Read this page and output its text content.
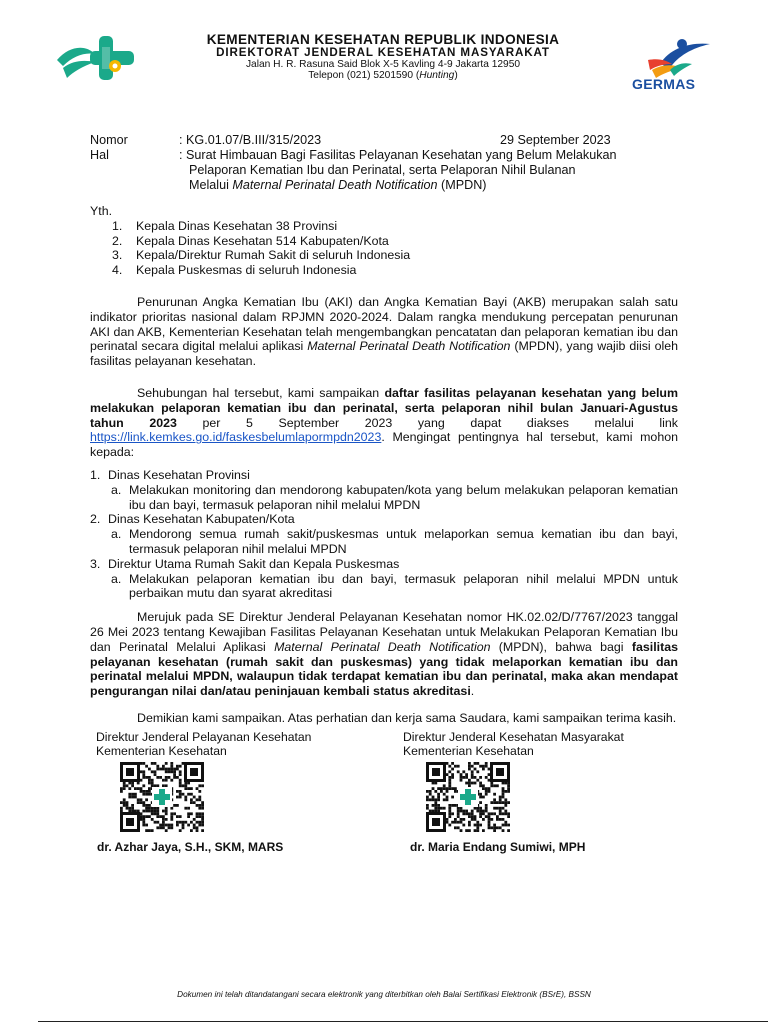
KEMENTERIAN KESEHATAN REPUBLIK INDONESIA
DIREKTORAT JENDERAL KESEHATAN MASYARAKAT
Jalan H. R. Rasuna Said Blok X-5 Kavling 4-9 Jakarta 12950
Telepon (021) 5201590 (Hunting)
GERMAS
Nomor	: KG.01.07/B.III/315/2023	29 September 2023
Hal	: Surat Himbauan Bagi Fasilitas Pelayanan Kesehatan yang Belum Melakukan
Pelaporan Kematian Ibu dan Perinatal, serta Pelaporan Nihil Bulanan
Melalui Maternal Perinatal Death Notification (MPDN)
Yth.
1. Kepala Dinas Kesehatan 38 Provinsi
2. Kepala Dinas Kesehatan 514 Kabupaten/Kota
3. Kepala/Direktur Rumah Sakit di seluruh Indonesia
4. Kepala Puskesmas di seluruh Indonesia

Penurunan Angka Kematian Ibu (AKI) dan Angka Kematian Bayi (AKB) merupakan salah satu indikator prioritas nasional dalam RPJMN 2020-2024. Dalam rangka mendukung percepatan penurunan AKI dan AKB, Kementerian Kesehatan telah mengembangkan pencatatan dan pelaporan kematian ibu dan perinatal secara digital melalui aplikasi Maternal Perinatal Death Notification (MPDN), yang wajib diisi oleh fasilitas pelayanan kesehatan.

Sehubungan hal tersebut, kami sampaikan daftar fasilitas pelayanan kesehatan yang belum melakukan pelaporan kematian ibu dan perinatal, serta pelaporan nihil bulan Januari-Agustus tahun 2023 per 5 September 2023 yang dapat diakses melalui link https://link.kemkes.go.id/faskesbelumlapormpdn2023. Mengingat pentingnya hal tersebut, kami mohon kepada:

1. Dinas Kesehatan Provinsi
a. Melakukan monitoring dan mendorong kabupaten/kota yang belum melakukan pelaporan kematian ibu dan bayi, termasuk pelaporan nihil melalui MPDN
2. Dinas Kesehatan Kabupaten/Kota
a. Mendorong semua rumah sakit/puskesmas untuk melaporkan semua kematian ibu dan bayi, termasuk pelaporan nihil melalui MPDN
3. Direktur Utama Rumah Sakit dan Kepala Puskesmas
a. Melakukan pelaporan kematian ibu dan bayi, termasuk pelaporan nihil melalui MPDN untuk perbaikan mutu dan syarat akreditasi

Merujuk pada SE Direktur Jenderal Pelayanan Kesehatan nomor HK.02.02/D/7767/2023 tanggal 26 Mei 2023 tentang Kewajiban Fasilitas Pelayanan Kesehatan untuk Melakukan Pelaporan Kematian Ibu dan Perinatal Melalui Aplikasi Maternal Perinatal Death Notification (MPDN), bahwa bagi fasilitas pelayanan kesehatan (rumah sakit dan puskesmas) yang tidak melaporkan kematian ibu dan perinatal melalui MPDN, walaupun tidak terdapat kematian ibu dan perinatal, maka akan mendapat pengurangan nilai dan/atau peninjauan kembali status akreditasi.

Demikian kami sampaikan. Atas perhatian dan kerja sama Saudara, kami sampaikan terima kasih.

Direktur Jenderal Pelayanan Kesehatan
Kementerian Kesehatan
Direktur Jenderal Kesehatan Masyarakat
Kementerian Kesehatan
dr. Azhar Jaya, S.H., SKM, MARS	dr. Maria Endang Sumiwi, MPH
Dokumen ini telah ditandatangani secara elektronik yang diterbitkan oleh Balai Sertifikasi Elektronik (BSrE), BSSN
